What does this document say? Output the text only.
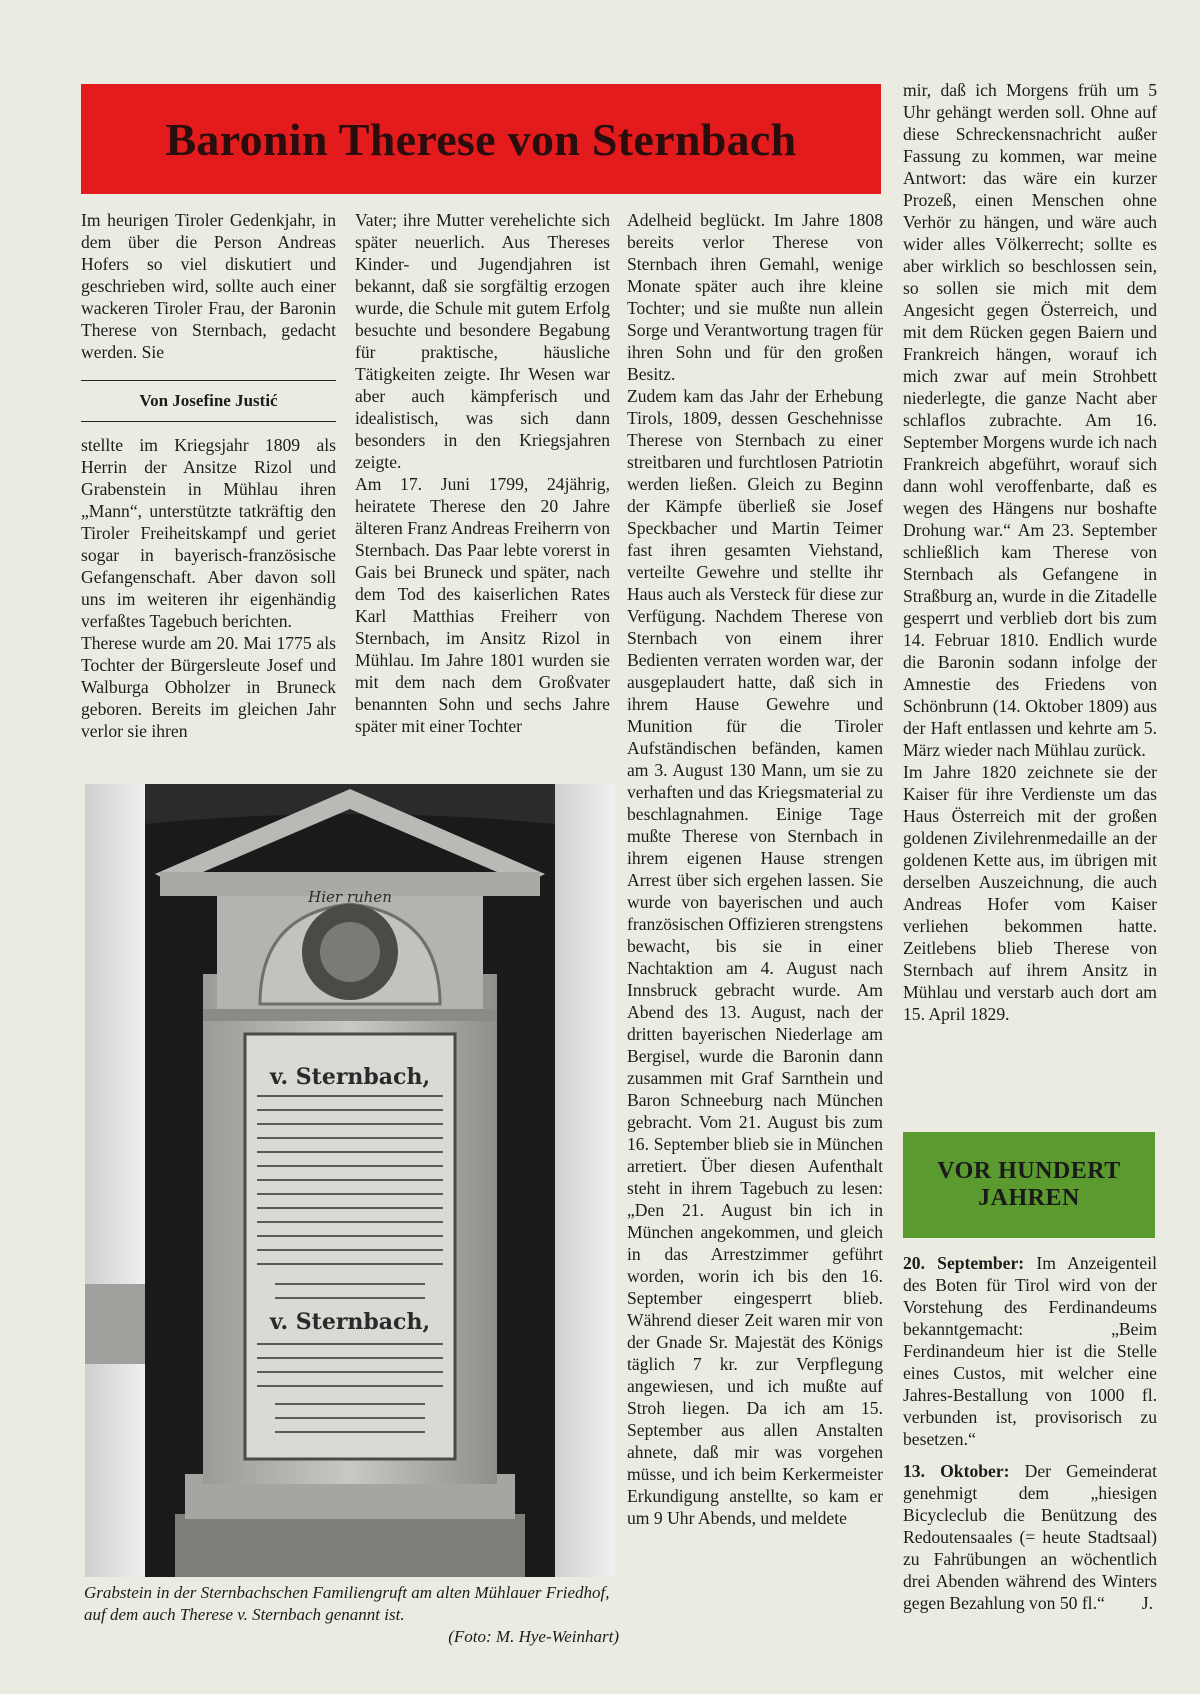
Baronin Therese von Sternbach

Im heurigen Tiroler Gedenkjahr, in dem über die Person Andreas Hofers so viel diskutiert und geschrieben wird, sollte auch einer wackeren Tiroler Frau, der Baronin Therese von Sternbach, gedacht werden. Sie

Von Josefine Justić

stellte im Kriegsjahr 1809 als Herrin der Ansitze Rizol und Grabenstein in Mühlau ihren „Mann“, unterstützte tatkräftig den Tiroler Freiheitskampf und geriet sogar in bayerisch-französische Gefangenschaft. Aber davon soll uns im weiteren ihr eigenhändig verfaßtes Tagebuch berichten.

Therese wurde am 20. Mai 1775 als Tochter der Bürgersleute Josef und Walburga Obholzer in Bruneck geboren. Bereits im gleichen Jahr verlor sie ihren

Vater; ihre Mutter verehelichte sich später neuerlich. Aus Thereses Kinder- und Jugendjahren ist bekannt, daß sie sorgfältig erzogen wurde, die Schule mit gutem Erfolg besuchte und besondere Begabung für praktische, häusliche Tätigkeiten zeigte. Ihr Wesen war aber auch kämpferisch und idealistisch, was sich dann besonders in den Kriegsjahren zeigte.

Am 17. Juni 1799, 24jährig, heiratete Therese den 20 Jahre älteren Franz Andreas Freiherrn von Sternbach. Das Paar lebte vorerst in Gais bei Bruneck und später, nach dem Tod des kaiserlichen Rates Karl Matthias Freiherr von Sternbach, im Ansitz Rizol in Mühlau. Im Jahre 1801 wurden sie mit dem nach dem Großvater benannten Sohn und sechs Jahre später mit einer Tochter

Adelheid beglückt. Im Jahre 1808 bereits verlor Therese von Sternbach ihren Gemahl, wenige Monate später auch ihre kleine Tochter; und sie mußte nun allein Sorge und Verantwortung tragen für ihren Sohn und für den großen Besitz.

Zudem kam das Jahr der Erhebung Tirols, 1809, dessen Geschehnisse Therese von Sternbach zu einer streitbaren und furchtlosen Patriotin werden ließen. Gleich zu Beginn der Kämpfe überließ sie Josef Speckbacher und Martin Teimer fast ihren gesamten Viehstand, verteilte Gewehre und stellte ihr Haus auch als Versteck für diese zur Verfügung. Nachdem Therese von Sternbach von einem ihrer Bedienten verraten worden war, der ausgeplaudert hatte, daß sich in ihrem Hause Gewehre und Munition für die Tiroler Aufständischen befänden, kamen am 3. August 130 Mann, um sie zu verhaften und das Kriegsmaterial zu beschlagnahmen. Einige Tage mußte Therese von Sternbach in ihrem eigenen Hause strengen Arrest über sich ergehen lassen. Sie wurde von bayerischen und auch französischen Offizieren strengstens bewacht, bis sie in einer Nachtaktion am 4. August nach Innsbruck gebracht wurde. Am Abend des 13. August, nach der dritten bayerischen Niederlage am Bergisel, wurde die Baronin dann zusammen mit Graf Sarnthein und Baron Schneeburg nach München gebracht. Vom 21. August bis zum 16. September blieb sie in München arretiert. Über diesen Aufenthalt steht in ihrem Tagebuch zu lesen: „Den 21. August bin ich in München angekommen, und gleich in das Arrestzimmer geführt worden, worin ich bis den 16. September eingesperrt blieb. Während dieser Zeit waren mir von der Gnade Sr. Majestät des Königs täglich 7 kr. zur Verpflegung angewiesen, und ich mußte auf Stroh liegen. Da ich am 15. September aus allen Anstalten ahnete, daß mir was vorgehen müsse, und ich beim Kerkermeister Erkundigung anstellte, so kam er um 9 Uhr Abends, und meldete

mir, daß ich Morgens früh um 5 Uhr gehängt werden soll. Ohne auf diese Schreckensnachricht außer Fassung zu kommen, war meine Antwort: das wäre ein kurzer Prozeß, einen Menschen ohne Verhör zu hängen, und wäre auch wider alles Völkerrecht; sollte es aber wirklich so beschlossen sein, so sollen sie mich mit dem Angesicht gegen Österreich, und mit dem Rücken gegen Baiern und Frankreich hängen, worauf ich mich zwar auf mein Strohbett niederlegte, die ganze Nacht aber schlaflos zubrachte. Am 16. September Morgens wurde ich nach Frankreich abgeführt, worauf sich dann wohl veroffenbarte, daß es wegen des Hängens nur boshafte Drohung war.“ Am 23. September schließlich kam Therese von Sternbach als Gefangene in Straßburg an, wurde in die Zitadelle gesperrt und verblieb dort bis zum 14. Februar 1810. Endlich wurde die Baronin sodann infolge der Amnestie des Friedens von Schönbrunn (14. Oktober 1809) aus der Haft entlassen und kehrte am 5. März wieder nach Mühlau zurück.

Im Jahre 1820 zeichnete sie der Kaiser für ihre Verdienste um das Haus Österreich mit der großen goldenen Zivilehrenmedaille an der goldenen Kette aus, im übrigen mit derselben Auszeichnung, die auch Andreas Hofer vom Kaiser verliehen bekommen hatte. Zeitlebens blieb Therese von Sternbach auf ihrem Ansitz in Mühlau und verstarb auch dort am 15. April 1829.

Hier ruhen
v. Sternbach,
v. Sternbach,
Grabstein in der Sternbachschen Familiengruft am alten Mühlauer Friedhof, auf dem auch Therese v. Sternbach genannt ist.
(Foto: M. Hye-Weinhart)
VOR HUNDERT
JAHREN

20. September: Im Anzeigenteil des Boten für Tirol wird von der Vorstehung des Ferdinandeums bekanntgemacht: „Beim Ferdinandeum hier ist die Stelle eines Custos, mit welcher eine Jahres-Bestallung von 1000 fl. verbunden ist, provisorisch zu besetzen.“

13. Oktober: Der Gemeinderat genehmigt dem „hiesigen Bicycleclub die Benützung des Redoutensaales (= heute Stadtsaal) zu Fahrübungen an wöchentlich drei Abenden während des Winters gegen Bezahlung von 50 fl.“	J.
